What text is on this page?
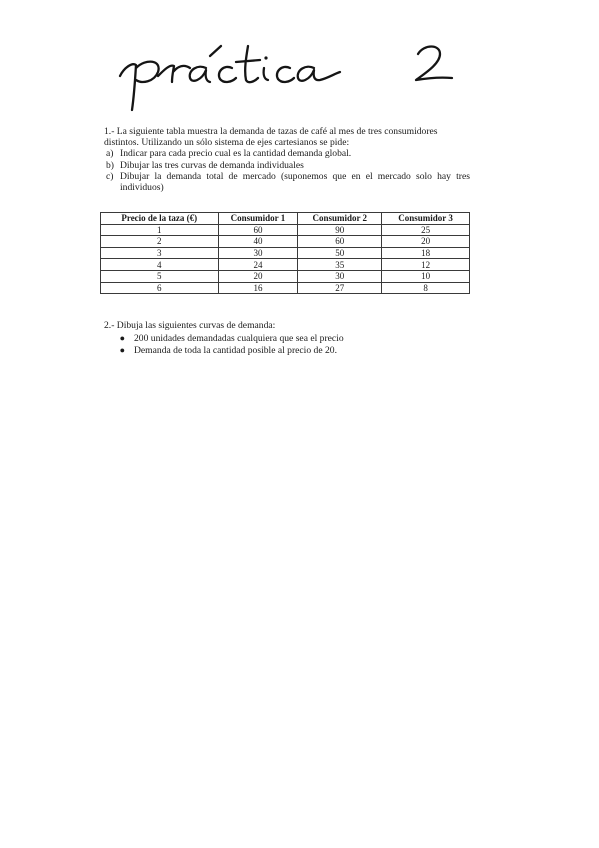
1.- La siguiente tabla muestra la demanda de tazas de café al mes de tres consumidores distintos. Utilizando un sólo sistema de ejes cartesianos se pide:

a) Indicar para cada precio cual es la cantidad demanda global.
b) Dibujar las tres curvas de demanda individuales
c) Dibujar la demanda total de mercado (suponemos que en el mercado solo hay tres individuos)
Precio de la taza (€)	Consumidor 1	Consumidor 2	Consumidor 3
1	60	90	25
2	40	60	20
3	30	50	18
4	24	35	12
5	20	30	10
6	16	27	8

2.- Dibuja las siguientes curvas de demanda:

● 200 unidades demandadas cualquiera que sea el precio
● Demanda de toda la cantidad posible al precio de 20.
